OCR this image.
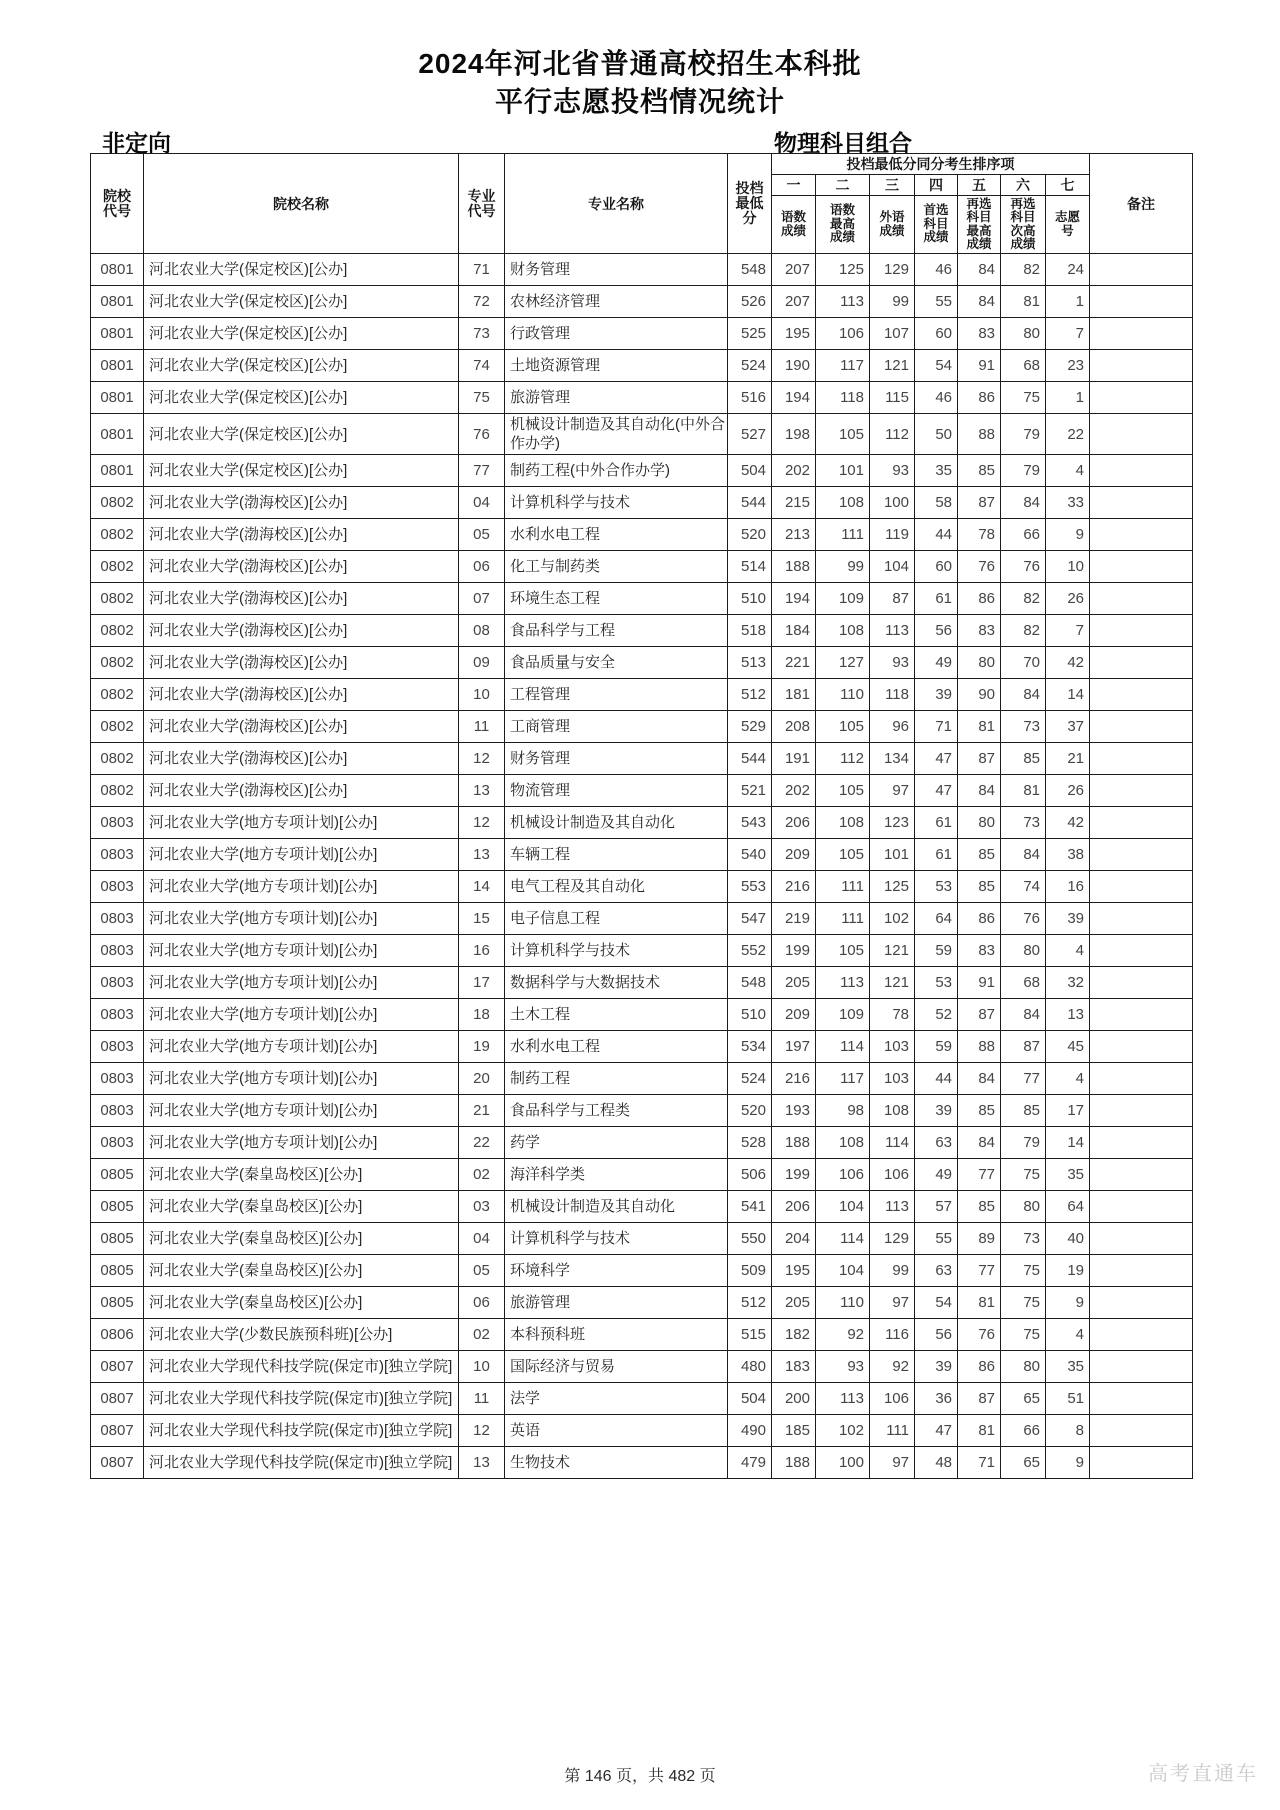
2024年河北省普通高校招生本科批
平行志愿投档情况统计
非定向	物理科目组合
院校代号	院校名称	专业代号	专业名称	投档最低分	投档最低分同分考生排序项							备注
					一	二	三	四	五	六	七	
					语数成绩	语数最高成绩	外语成绩	首选科目成绩	再选科目最高成绩	再选科目次高成绩	志愿号	
0801	河北农业大学(保定校区)[公办]	71	财务管理	548	207	125	129	46	84	82	24	
0801	河北农业大学(保定校区)[公办]	72	农林经济管理	526	207	113	99	55	84	81	1	
0801	河北农业大学(保定校区)[公办]	73	行政管理	525	195	106	107	60	83	80	7	
0801	河北农业大学(保定校区)[公办]	74	土地资源管理	524	190	117	121	54	91	68	23	
0801	河北农业大学(保定校区)[公办]	75	旅游管理	516	194	118	115	46	86	75	1	
0801	河北农业大学(保定校区)[公办]	76	机械设计制造及其自动化(中外合作办学)	527	198	105	112	50	88	79	22	
0801	河北农业大学(保定校区)[公办]	77	制药工程(中外合作办学)	504	202	101	93	35	85	79	4	
0802	河北农业大学(渤海校区)[公办]	04	计算机科学与技术	544	215	108	100	58	87	84	33	
0802	河北农业大学(渤海校区)[公办]	05	水利水电工程	520	213	111	119	44	78	66	9	
0802	河北农业大学(渤海校区)[公办]	06	化工与制药类	514	188	99	104	60	76	76	10	
0802	河北农业大学(渤海校区)[公办]	07	环境生态工程	510	194	109	87	61	86	82	26	
0802	河北农业大学(渤海校区)[公办]	08	食品科学与工程	518	184	108	113	56	83	82	7	
0802	河北农业大学(渤海校区)[公办]	09	食品质量与安全	513	221	127	93	49	80	70	42	
0802	河北农业大学(渤海校区)[公办]	10	工程管理	512	181	110	118	39	90	84	14	
0802	河北农业大学(渤海校区)[公办]	11	工商管理	529	208	105	96	71	81	73	37	
0802	河北农业大学(渤海校区)[公办]	12	财务管理	544	191	112	134	47	87	85	21	
0802	河北农业大学(渤海校区)[公办]	13	物流管理	521	202	105	97	47	84	81	26	
0803	河北农业大学(地方专项计划)[公办]	12	机械设计制造及其自动化	543	206	108	123	61	80	73	42	
0803	河北农业大学(地方专项计划)[公办]	13	车辆工程	540	209	105	101	61	85	84	38	
0803	河北农业大学(地方专项计划)[公办]	14	电气工程及其自动化	553	216	111	125	53	85	74	16	
0803	河北农业大学(地方专项计划)[公办]	15	电子信息工程	547	219	111	102	64	86	76	39	
0803	河北农业大学(地方专项计划)[公办]	16	计算机科学与技术	552	199	105	121	59	83	80	4	
0803	河北农业大学(地方专项计划)[公办]	17	数据科学与大数据技术	548	205	113	121	53	91	68	32	
0803	河北农业大学(地方专项计划)[公办]	18	土木工程	510	209	109	78	52	87	84	13	
0803	河北农业大学(地方专项计划)[公办]	19	水利水电工程	534	197	114	103	59	88	87	45	
0803	河北农业大学(地方专项计划)[公办]	20	制药工程	524	216	117	103	44	84	77	4	
0803	河北农业大学(地方专项计划)[公办]	21	食品科学与工程类	520	193	98	108	39	85	85	17	
0803	河北农业大学(地方专项计划)[公办]	22	药学	528	188	108	114	63	84	79	14	
0805	河北农业大学(秦皇岛校区)[公办]	02	海洋科学类	506	199	106	106	49	77	75	35	
0805	河北农业大学(秦皇岛校区)[公办]	03	机械设计制造及其自动化	541	206	104	113	57	85	80	64	
0805	河北农业大学(秦皇岛校区)[公办]	04	计算机科学与技术	550	204	114	129	55	89	73	40	
0805	河北农业大学(秦皇岛校区)[公办]	05	环境科学	509	195	104	99	63	77	75	19	
0805	河北农业大学(秦皇岛校区)[公办]	06	旅游管理	512	205	110	97	54	81	75	9	
0806	河北农业大学(少数民族预科班)[公办]	02	本科预科班	515	182	92	116	56	76	75	4	
0807	河北农业大学现代科技学院(保定市)[独立学院]	10	国际经济与贸易	480	183	93	92	39	86	80	35	
0807	河北农业大学现代科技学院(保定市)[独立学院]	11	法学	504	200	113	106	36	87	65	51	
0807	河北农业大学现代科技学院(保定市)[独立学院]	12	英语	490	185	102	111	47	81	66	8	
0807	河北农业大学现代科技学院(保定市)[独立学院]	13	生物技术	479	188	100	97	48	71	65	9	
第 146 页，共 482 页	高考直通车
